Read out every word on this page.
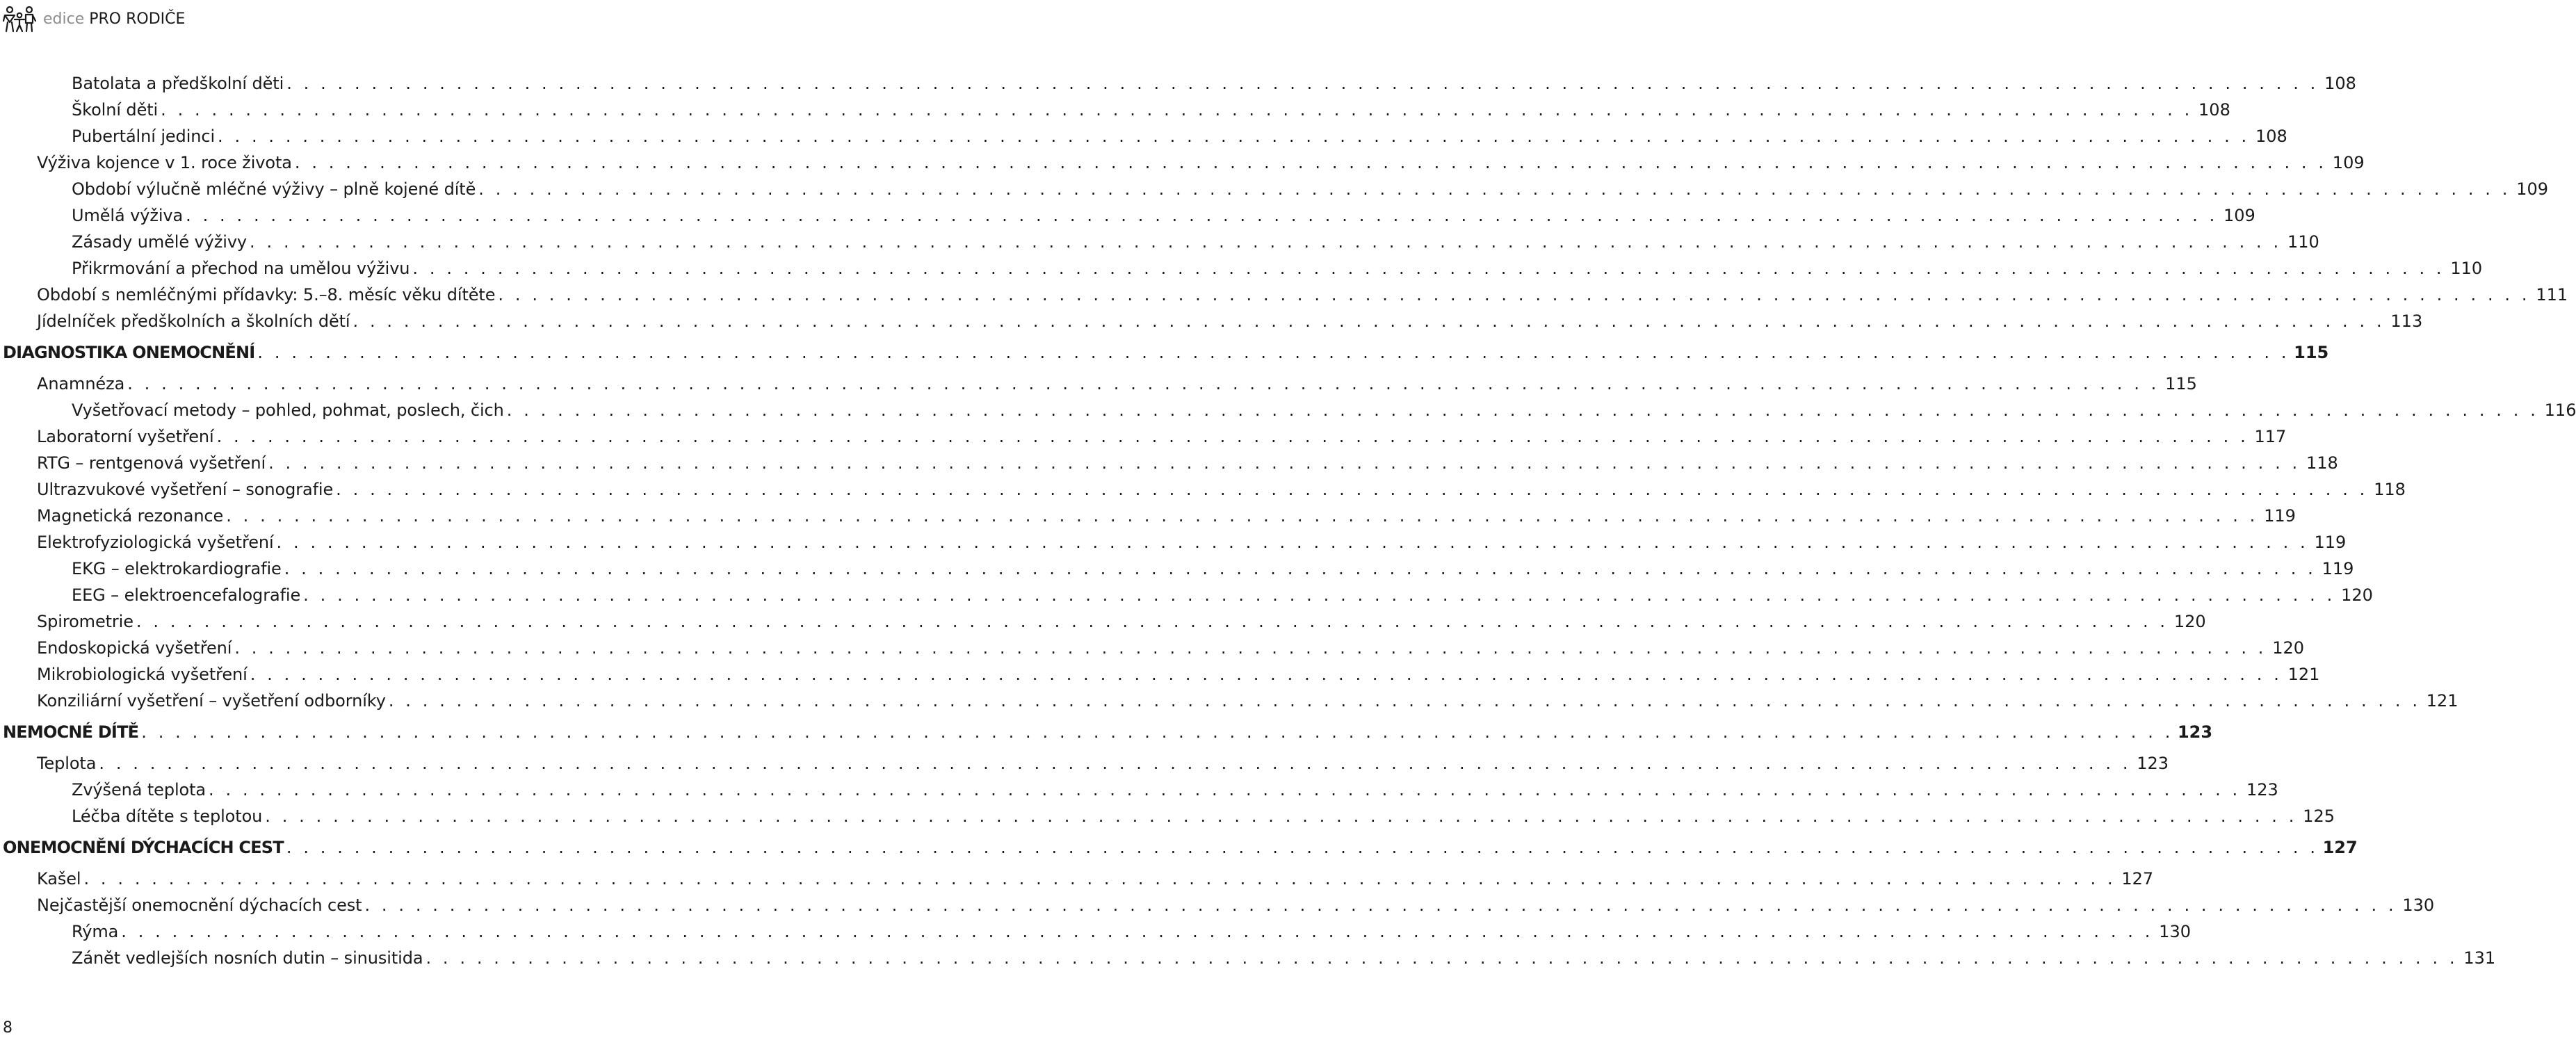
edice PRO RODIČE
Batolata a předškolní děti . . . . . . . . . . . . . . . . . . . . . . . . . . . . . . . . . . . . . . . . . . . . . . . . . . . . . . . . . . . . . . . . . . . . . . . . . . . . . . . . . . . . . . . . . . . . . . . . . . . . . . . . . . . . . . . . . . . . . . . . 108
Školní děti . . . . . . . . . . . . . . . . . . . . . . . . . . . . . . . . . . . . . . . . . . . . . . . . . . . . . . . . . . . . . . . . . . . . . . . . . . . . . . . . . . . . . . . . . . . . . . . . . . . . . . . . . . . . . . . . . . . . . . . . 108
Pubertální jedinci . . . . . . . . . . . . . . . . . . . . . . . . . . . . . . . . . . . . . . . . . . . . . . . . . . . . . . . . . . . . . . . . . . . . . . . . . . . . . . . . . . . . . . . . . . . . . . . . . . . . . . . . . . . . . . . . . . . . . . . . 108
Výživa kojence v 1. roce života . . . . . . . . . . . . . . . . . . . . . . . . . . . . . . . . . . . . . . . . . . . . . . . . . . . . . . . . . . . . . . . . . . . . . . . . . . . . . . . . . . . . . . . . . . . . . . . . . . . . . . . . . . . . . . . . . . . . . . . . 109
Období výlučně mléčné výživy – plně kojené dítě . . . . . . . . . . . . . . . . . . . . . . . . . . . . . . . . . . . . . . . . . . . . . . . . . . . . . . . . . . . . . . . . . . . . . . . . . . . . . . . . . . . . . . . . . . . . . . . . . . . . . . . . . . . . . . . . . . . . . . . . 109
Umělá výživa . . . . . . . . . . . . . . . . . . . . . . . . . . . . . . . . . . . . . . . . . . . . . . . . . . . . . . . . . . . . . . . . . . . . . . . . . . . . . . . . . . . . . . . . . . . . . . . . . . . . . . . . . . . . . . . . . . . . . . . . 109
Zásady umělé výživy . . . . . . . . . . . . . . . . . . . . . . . . . . . . . . . . . . . . . . . . . . . . . . . . . . . . . . . . . . . . . . . . . . . . . . . . . . . . . . . . . . . . . . . . . . . . . . . . . . . . . . . . . . . . . . . . . . . . . . . . 110
Přikrmování a přechod na umělou výživu . . . . . . . . . . . . . . . . . . . . . . . . . . . . . . . . . . . . . . . . . . . . . . . . . . . . . . . . . . . . . . . . . . . . . . . . . . . . . . . . . . . . . . . . . . . . . . . . . . . . . . . . . . . . . . . . . . . . . . . . 110
Období s nemléčnými přídavky: 5.–8. měsíc věku dítěte . . . . . . . . . . . . . . . . . . . . . . . . . . . . . . . . . . . . . . . . . . . . . . . . . . . . . . . . . . . . . . . . . . . . . . . . . . . . . . . . . . . . . . . . . . . . . . . . . . . . . . . . . . . . . . . . . . . . . . . . 111
Jídelníček předškolních a školních dětí . . . . . . . . . . . . . . . . . . . . . . . . . . . . . . . . . . . . . . . . . . . . . . . . . . . . . . . . . . . . . . . . . . . . . . . . . . . . . . . . . . . . . . . . . . . . . . . . . . . . . . . . . . . . . . . . . . . . . . . . 113
DIAGNOSTIKA ONEMOCNĚNÍ . . . . . . . . . . . . . . . . . . . . . . . . . . . . . . . . . . . . . . . . . . . . . . . . . . . . . . . . . . . . . . . . . . . . . . . . . . . . . . . . . . . . . . . . . . . . . . . . . . . . . . . . . . . . . . . . . . . . . . . . 115
Anamnéza . . . . . . . . . . . . . . . . . . . . . . . . . . . . . . . . . . . . . . . . . . . . . . . . . . . . . . . . . . . . . . . . . . . . . . . . . . . . . . . . . . . . . . . . . . . . . . . . . . . . . . . . . . . . . . . . . . . . . . . . 115
Vyšetřovací metody – pohled, pohmat, poslech, čich . . . . . . . . . . . . . . . . . . . . . . . . . . . . . . . . . . . . . . . . . . . . . . . . . . . . . . . . . . . . . . . . . . . . . . . . . . . . . . . . . . . . . . . . . . . . . . . . . . . . . . . . . . . . . . . . . . . . . . . . 116
Laboratorní vyšetření . . . . . . . . . . . . . . . . . . . . . . . . . . . . . . . . . . . . . . . . . . . . . . . . . . . . . . . . . . . . . . . . . . . . . . . . . . . . . . . . . . . . . . . . . . . . . . . . . . . . . . . . . . . . . . . . . . . . . . . . 117
RTG – rentgenová vyšetření . . . . . . . . . . . . . . . . . . . . . . . . . . . . . . . . . . . . . . . . . . . . . . . . . . . . . . . . . . . . . . . . . . . . . . . . . . . . . . . . . . . . . . . . . . . . . . . . . . . . . . . . . . . . . . . . . . . . . . . . 118
Ultrazvukové vyšetření – sonografie . . . . . . . . . . . . . . . . . . . . . . . . . . . . . . . . . . . . . . . . . . . . . . . . . . . . . . . . . . . . . . . . . . . . . . . . . . . . . . . . . . . . . . . . . . . . . . . . . . . . . . . . . . . . . . . . . . . . . . . . 118
Magnetická rezonance . . . . . . . . . . . . . . . . . . . . . . . . . . . . . . . . . . . . . . . . . . . . . . . . . . . . . . . . . . . . . . . . . . . . . . . . . . . . . . . . . . . . . . . . . . . . . . . . . . . . . . . . . . . . . . . . . . . . . . . . 119
Elektrofyziologická vyšetření . . . . . . . . . . . . . . . . . . . . . . . . . . . . . . . . . . . . . . . . . . . . . . . . . . . . . . . . . . . . . . . . . . . . . . . . . . . . . . . . . . . . . . . . . . . . . . . . . . . . . . . . . . . . . . . . . . . . . . . . 119
EKG – elektrokardiografie . . . . . . . . . . . . . . . . . . . . . . . . . . . . . . . . . . . . . . . . . . . . . . . . . . . . . . . . . . . . . . . . . . . . . . . . . . . . . . . . . . . . . . . . . . . . . . . . . . . . . . . . . . . . . . . . . . . . . . . . 119
EEG – elektroencefalografie . . . . . . . . . . . . . . . . . . . . . . . . . . . . . . . . . . . . . . . . . . . . . . . . . . . . . . . . . . . . . . . . . . . . . . . . . . . . . . . . . . . . . . . . . . . . . . . . . . . . . . . . . . . . . . . . . . . . . . . . 120
Spirometrie . . . . . . . . . . . . . . . . . . . . . . . . . . . . . . . . . . . . . . . . . . . . . . . . . . . . . . . . . . . . . . . . . . . . . . . . . . . . . . . . . . . . . . . . . . . . . . . . . . . . . . . . . . . . . . . . . . . . . . . . 120
Endoskopická vyšetření . . . . . . . . . . . . . . . . . . . . . . . . . . . . . . . . . . . . . . . . . . . . . . . . . . . . . . . . . . . . . . . . . . . . . . . . . . . . . . . . . . . . . . . . . . . . . . . . . . . . . . . . . . . . . . . . . . . . . . . . 120
Mikrobiologická vyšetření . . . . . . . . . . . . . . . . . . . . . . . . . . . . . . . . . . . . . . . . . . . . . . . . . . . . . . . . . . . . . . . . . . . . . . . . . . . . . . . . . . . . . . . . . . . . . . . . . . . . . . . . . . . . . . . . . . . . . . . . 121
Konziliární vyšetření – vyšetření odborníky . . . . . . . . . . . . . . . . . . . . . . . . . . . . . . . . . . . . . . . . . . . . . . . . . . . . . . . . . . . . . . . . . . . . . . . . . . . . . . . . . . . . . . . . . . . . . . . . . . . . . . . . . . . . . . . . . . . . . . . . 121
NEMOCNÉ DÍTĚ . . . . . . . . . . . . . . . . . . . . . . . . . . . . . . . . . . . . . . . . . . . . . . . . . . . . . . . . . . . . . . . . . . . . . . . . . . . . . . . . . . . . . . . . . . . . . . . . . . . . . . . . . . . . . . . . . . . . . . . . 123
Teplota . . . . . . . . . . . . . . . . . . . . . . . . . . . . . . . . . . . . . . . . . . . . . . . . . . . . . . . . . . . . . . . . . . . . . . . . . . . . . . . . . . . . . . . . . . . . . . . . . . . . . . . . . . . . . . . . . . . . . . . . 123
Zvýšená teplota . . . . . . . . . . . . . . . . . . . . . . . . . . . . . . . . . . . . . . . . . . . . . . . . . . . . . . . . . . . . . . . . . . . . . . . . . . . . . . . . . . . . . . . . . . . . . . . . . . . . . . . . . . . . . . . . . . . . . . . . 123
Léčba dítěte s teplotou . . . . . . . . . . . . . . . . . . . . . . . . . . . . . . . . . . . . . . . . . . . . . . . . . . . . . . . . . . . . . . . . . . . . . . . . . . . . . . . . . . . . . . . . . . . . . . . . . . . . . . . . . . . . . . . . . . . . . . . . 125
ONEMOCNĚNÍ DÝCHACÍCH CEST . . . . . . . . . . . . . . . . . . . . . . . . . . . . . . . . . . . . . . . . . . . . . . . . . . . . . . . . . . . . . . . . . . . . . . . . . . . . . . . . . . . . . . . . . . . . . . . . . . . . . . . . . . . . . . . . . . . . . . . . 127
Kašel . . . . . . . . . . . . . . . . . . . . . . . . . . . . . . . . . . . . . . . . . . . . . . . . . . . . . . . . . . . . . . . . . . . . . . . . . . . . . . . . . . . . . . . . . . . . . . . . . . . . . . . . . . . . . . . . . . . . . . . . 127
Nejčastější onemocnění dýchacích cest . . . . . . . . . . . . . . . . . . . . . . . . . . . . . . . . . . . . . . . . . . . . . . . . . . . . . . . . . . . . . . . . . . . . . . . . . . . . . . . . . . . . . . . . . . . . . . . . . . . . . . . . . . . . . . . . . . . . . . . . 130
Rýma . . . . . . . . . . . . . . . . . . . . . . . . . . . . . . . . . . . . . . . . . . . . . . . . . . . . . . . . . . . . . . . . . . . . . . . . . . . . . . . . . . . . . . . . . . . . . . . . . . . . . . . . . . . . . . . . . . . . . . . . 130
Zánět vedlejších nosních dutin – sinusitida . . . . . . . . . . . . . . . . . . . . . . . . . . . . . . . . . . . . . . . . . . . . . . . . . . . . . . . . . . . . . . . . . . . . . . . . . . . . . . . . . . . . . . . . . . . . . . . . . . . . . . . . . . . . . . . . . . . . . . . . 131
8
